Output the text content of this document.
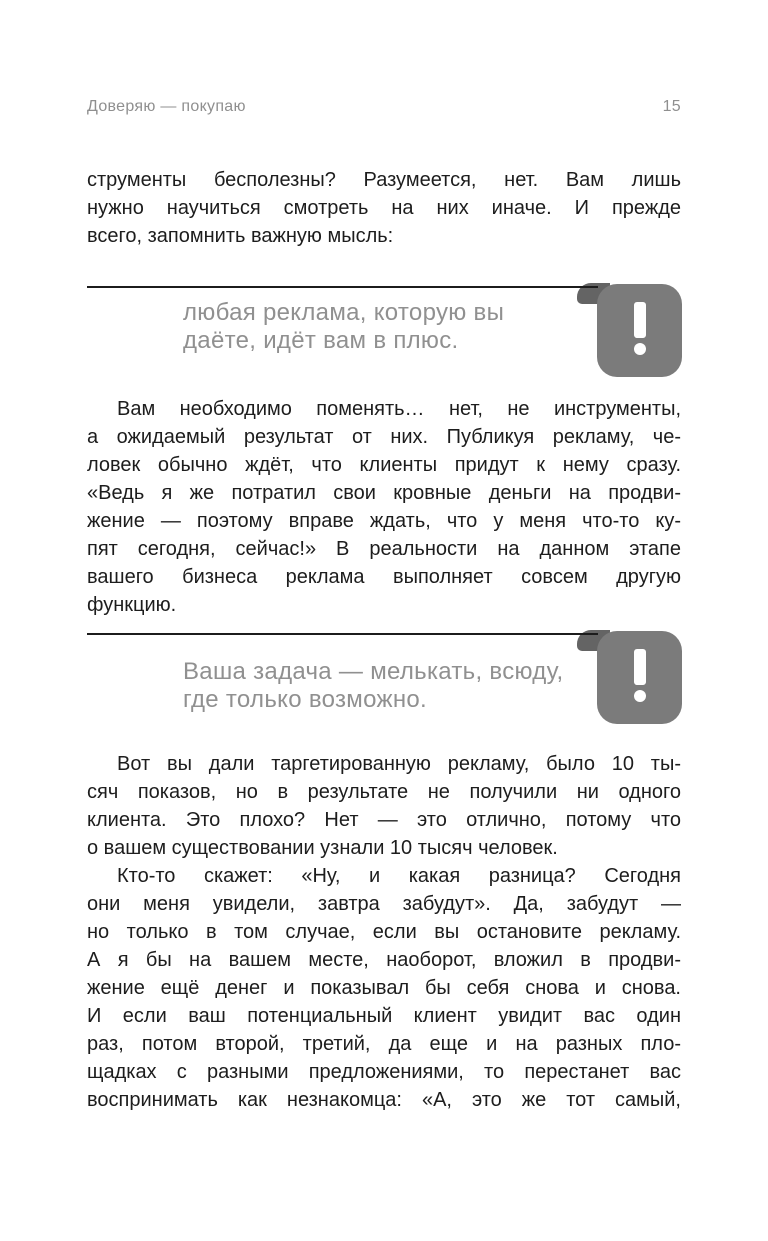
Доверяю — покупаю	15
струменты бесполезны? Разумеется, нет. Вам лишь
нужно научиться смотреть на них иначе. И прежде
всего, запомнить важную мысль:
любая реклама, которую вы
даёте, идёт вам в плюс.
Вам необходимо поменять… нет, не инструменты,
а ожидаемый результат от них. Публикуя рекламу, че-
ловек обычно ждёт, что клиенты придут к нему сразу.
«Ведь я же потратил свои кровные деньги на продви-
жение — поэтому вправе ждать, что у меня что-то ку-
пят сегодня, сейчас!» В реальности на данном этапе
вашего бизнеса реклама выполняет совсем другую
функцию.
Ваша задача — мелькать, всюду,
где только возможно.
Вот вы дали таргетированную рекламу, было 10 ты-
сяч показов, но в результате не получили ни одного
клиента. Это плохо? Нет — это отлично, потому что
о вашем существовании узнали 10 тысяч человек.
Кто-то скажет: «Ну, и какая разница? Сегодня
они меня увидели, завтра забудут». Да, забудут —
но только в том случае, если вы остановите рекламу.
А я бы на вашем месте, наоборот, вложил в продви-
жение ещё денег и показывал бы себя снова и снова.
И если ваш потенциальный клиент увидит вас один
раз, потом второй, третий, да еще и на разных пло-
щадках с разными предложениями, то перестанет вас
воспринимать как незнакомца: «А, это же тот самый,
